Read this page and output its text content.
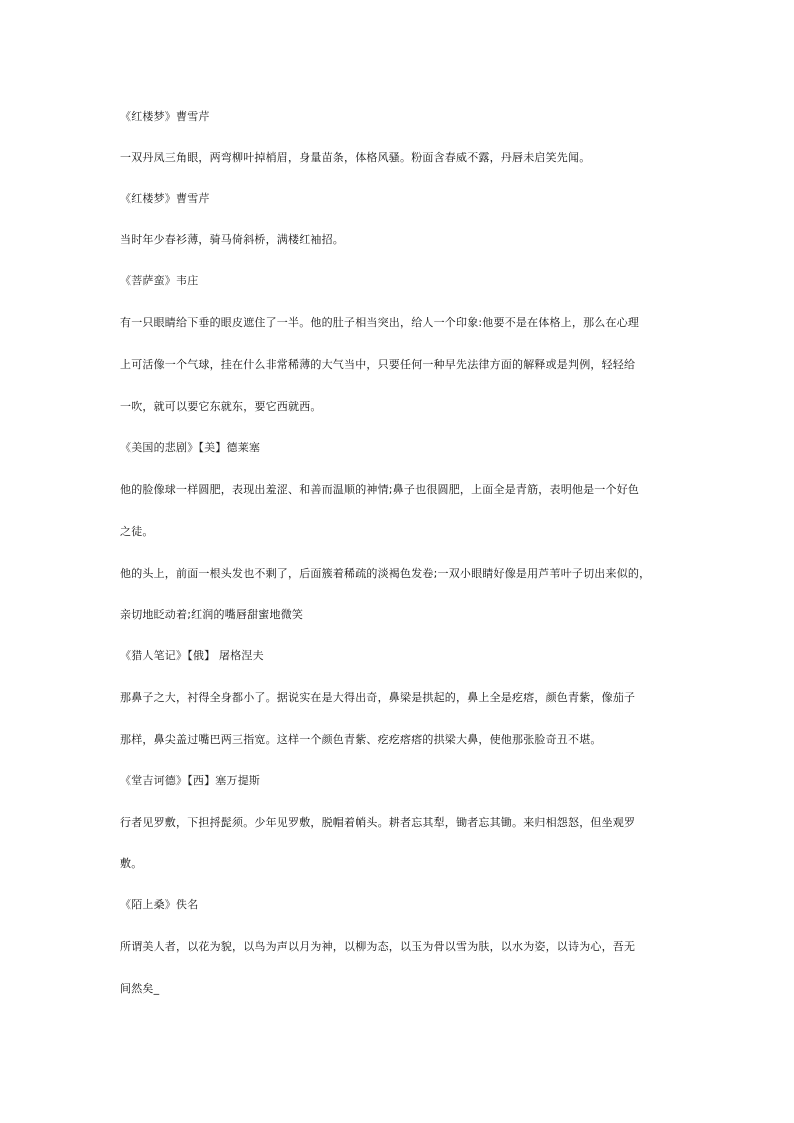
《红楼梦》曹雪芹
一双丹凤三角眼，两弯柳叶掉梢眉，身量苗条，体格风骚。粉面含春威不露，丹唇未启笑先闻。
《红楼梦》曹雪芹
当时年少春衫薄，骑马倚斜桥，满楼红袖招。
《菩萨蛮》韦庄
有一只眼睛给下垂的眼皮遮住了一半。他的肚子相当突出，给人一个印象:他要不是在体格上，那么在心理
上可活像一个气球，挂在什么非常稀薄的大气当中，只要任何一种早先法律方面的解释或是判例，轻轻给
一吹，就可以要它东就东，要它西就西。
《美国的悲剧》【美】德莱塞
他的脸像球一样圆肥，表现出羞涩、和善而温顺的神情;鼻子也很圆肥，上面全是青筋，表明他是一个好色
之徒。
他的头上，前面一根头发也不剩了，后面簇着稀疏的淡褐色发卷;一双小眼睛好像是用芦苇叶子切出来似的，
亲切地眨动着;红润的嘴唇甜蜜地微笑
《猎人笔记》【俄】 屠格涅夫
那鼻子之大，衬得全身都小了。据说实在是大得出奇，鼻梁是拱起的，鼻上全是疙瘩，颜色青紫，像茄子
那样，鼻尖盖过嘴巴两三指宽。这样一个颜色青紫、疙疙瘩瘩的拱梁大鼻，使他那张脸奇丑不堪。
《堂吉诃德》【西】塞万提斯
行者见罗敷，下担捋髭须。少年见罗敷，脱帽着帩头。耕者忘其犁，锄者忘其锄。来归相怨怒，但坐观罗
敷。
《陌上桑》佚名
所谓美人者，以花为貌，以鸟为声以月为神，以柳为态，以玉为骨以雪为肤，以水为姿，以诗为心，吾无
间然矣_
